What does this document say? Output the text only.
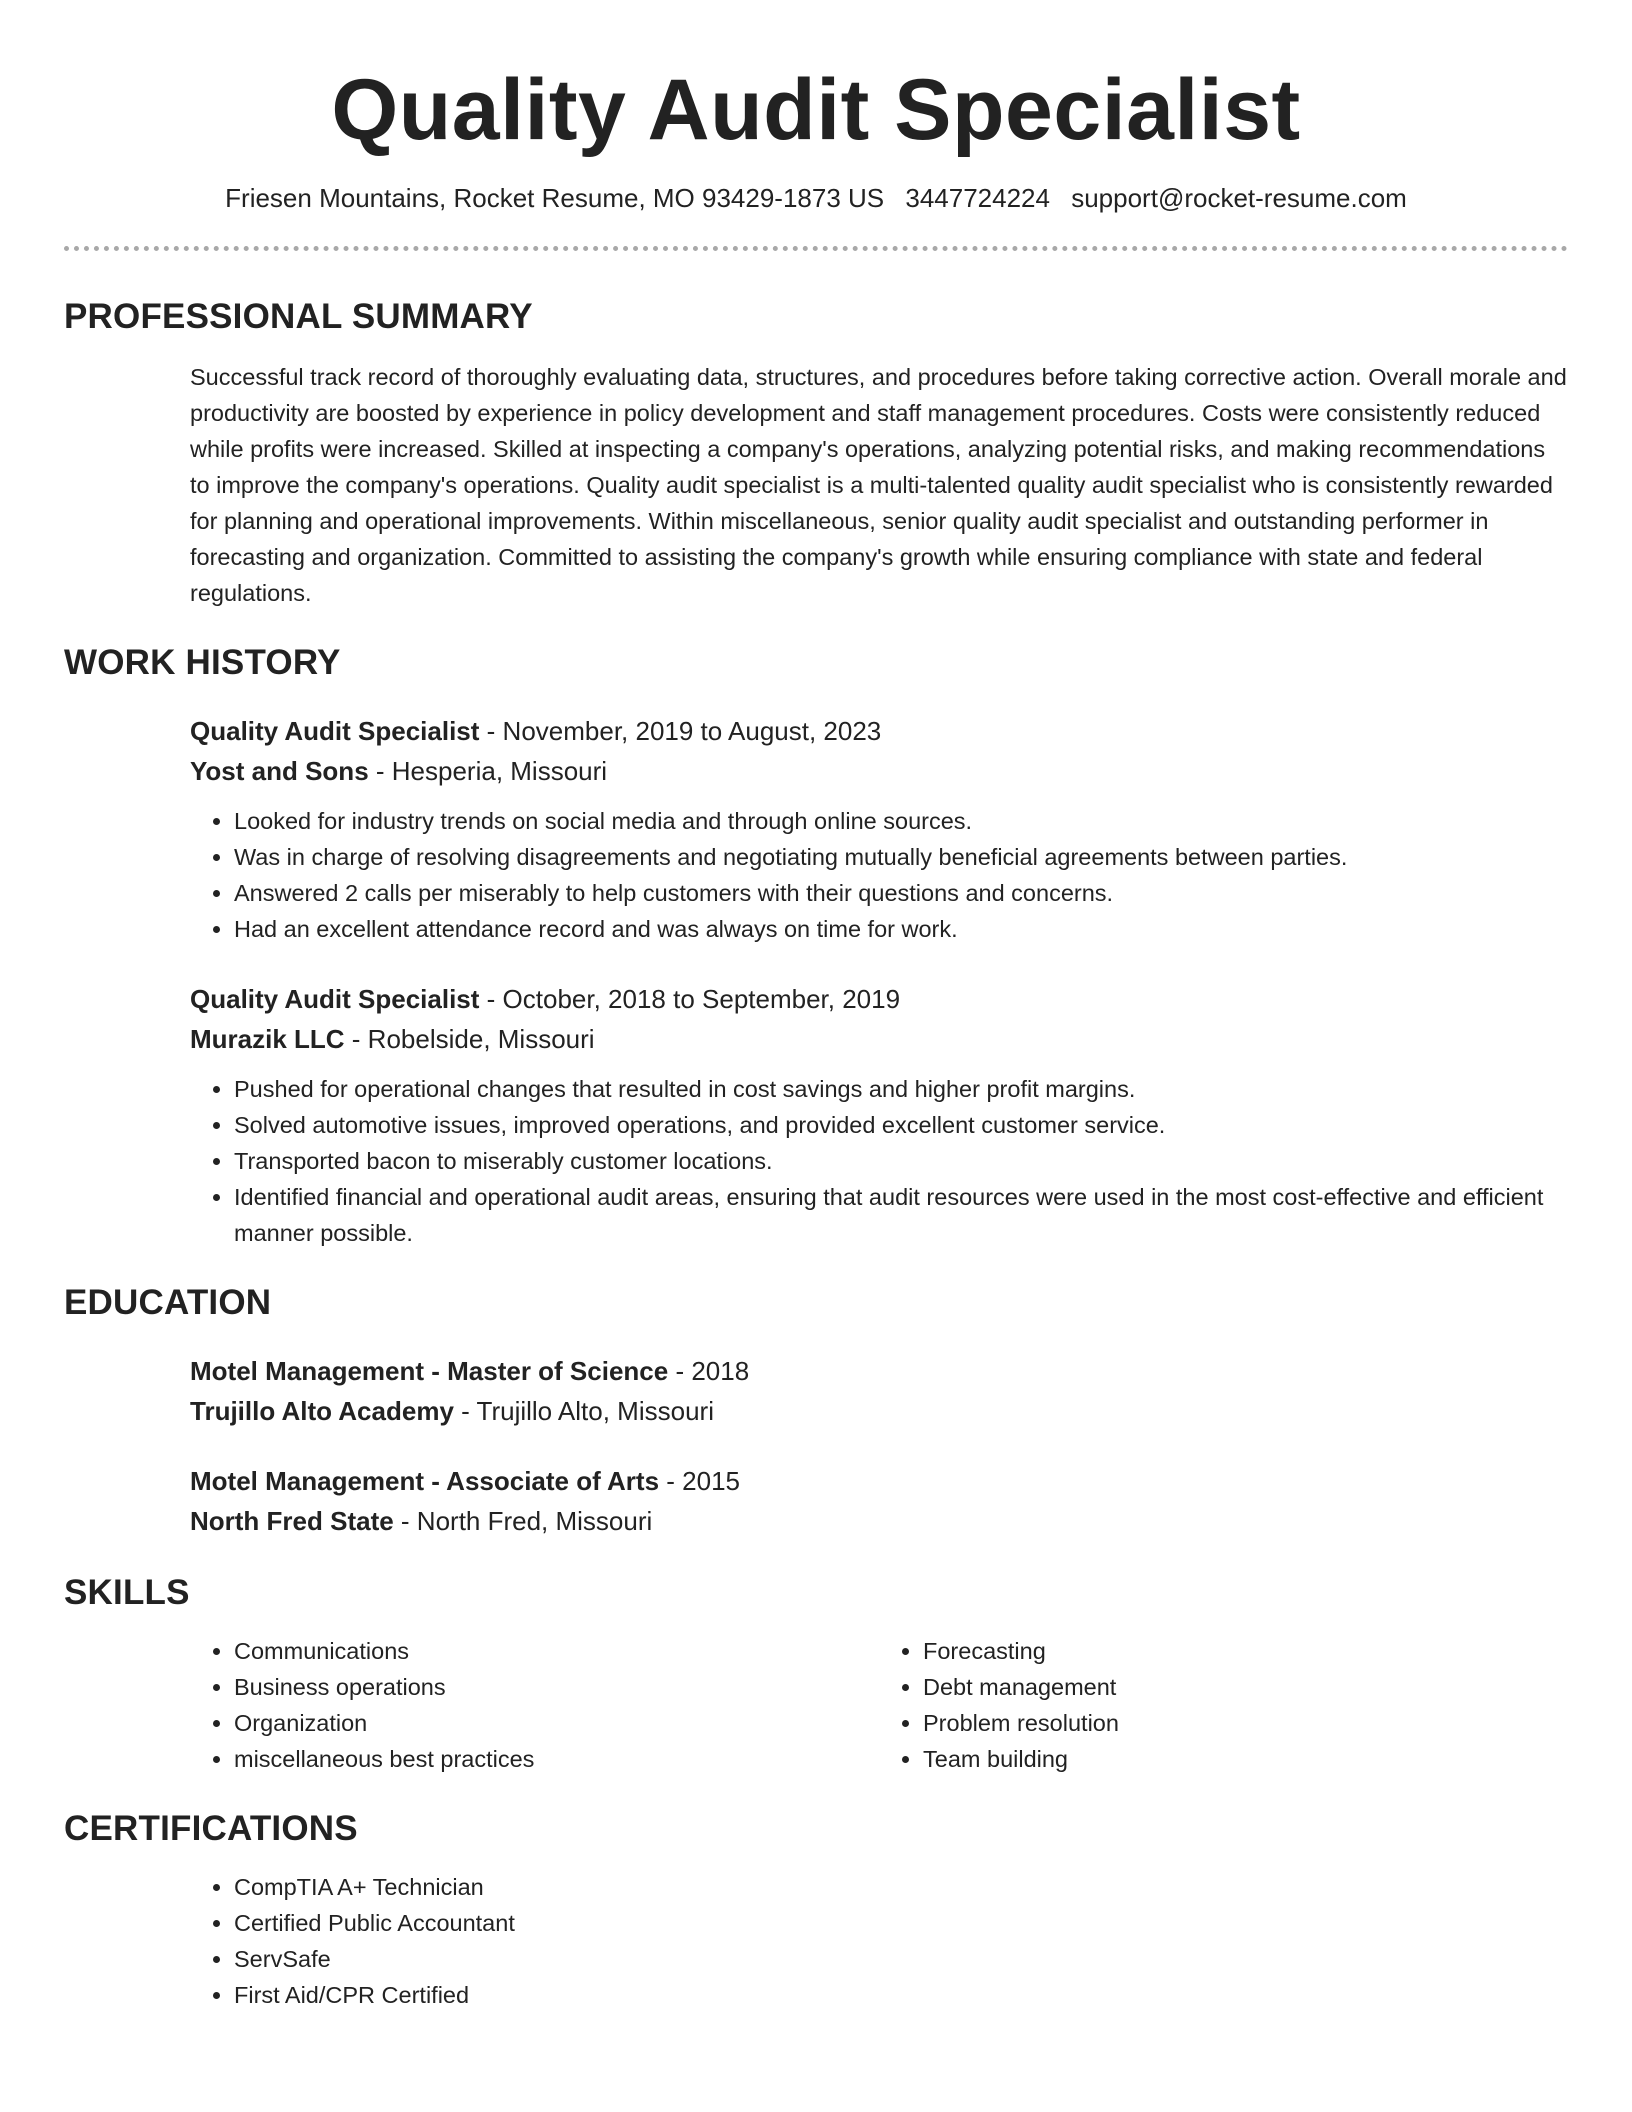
Quality Audit Specialist
Friesen Mountains, Rocket Resume, MO 93429-1873 US 3447724224 support@rocket-resume.com
PROFESSIONAL SUMMARY

Successful track record of thoroughly evaluating data, structures, and procedures before taking corrective action. Overall morale and productivity are boosted by experience in policy development and staff management procedures. Costs were consistently reduced while profits were increased. Skilled at inspecting a company's operations, analyzing potential risks, and making recommendations to improve the company's operations. Quality audit specialist is a multi-talented quality audit specialist who is consistently rewarded for planning and operational improvements. Within miscellaneous, senior quality audit specialist and outstanding performer in forecasting and organization. Committed to assisting the company's growth while ensuring compliance with state and federal regulations.

WORK HISTORY
Quality Audit Specialist - November, 2019 to August, 2023
Yost and Sons - Hesperia, Missouri
• Looked for industry trends on social media and through online sources.
• Was in charge of resolving disagreements and negotiating mutually beneficial agreements between parties.
• Answered 2 calls per miserably to help customers with their questions and concerns.
• Had an excellent attendance record and was always on time for work.
Quality Audit Specialist - October, 2018 to September, 2019
Murazik LLC - Robelside, Missouri
• Pushed for operational changes that resulted in cost savings and higher profit margins.
• Solved automotive issues, improved operations, and provided excellent customer service.
• Transported bacon to miserably customer locations.
• Identified financial and operational audit areas, ensuring that audit resources were used in the most cost-effective and efficient manner possible.
EDUCATION
Motel Management - Master of Science - 2018
Trujillo Alto Academy - Trujillo Alto, Missouri
Motel Management - Associate of Arts - 2015
North Fred State - North Fred, Missouri
SKILLS
• Communications
• Business operations
• Organization
• miscellaneous best practices
• Forecasting
• Debt management
• Problem resolution
• Team building
CERTIFICATIONS
• CompTIA A+ Technician
• Certified Public Accountant
• ServSafe
• First Aid/CPR Certified
